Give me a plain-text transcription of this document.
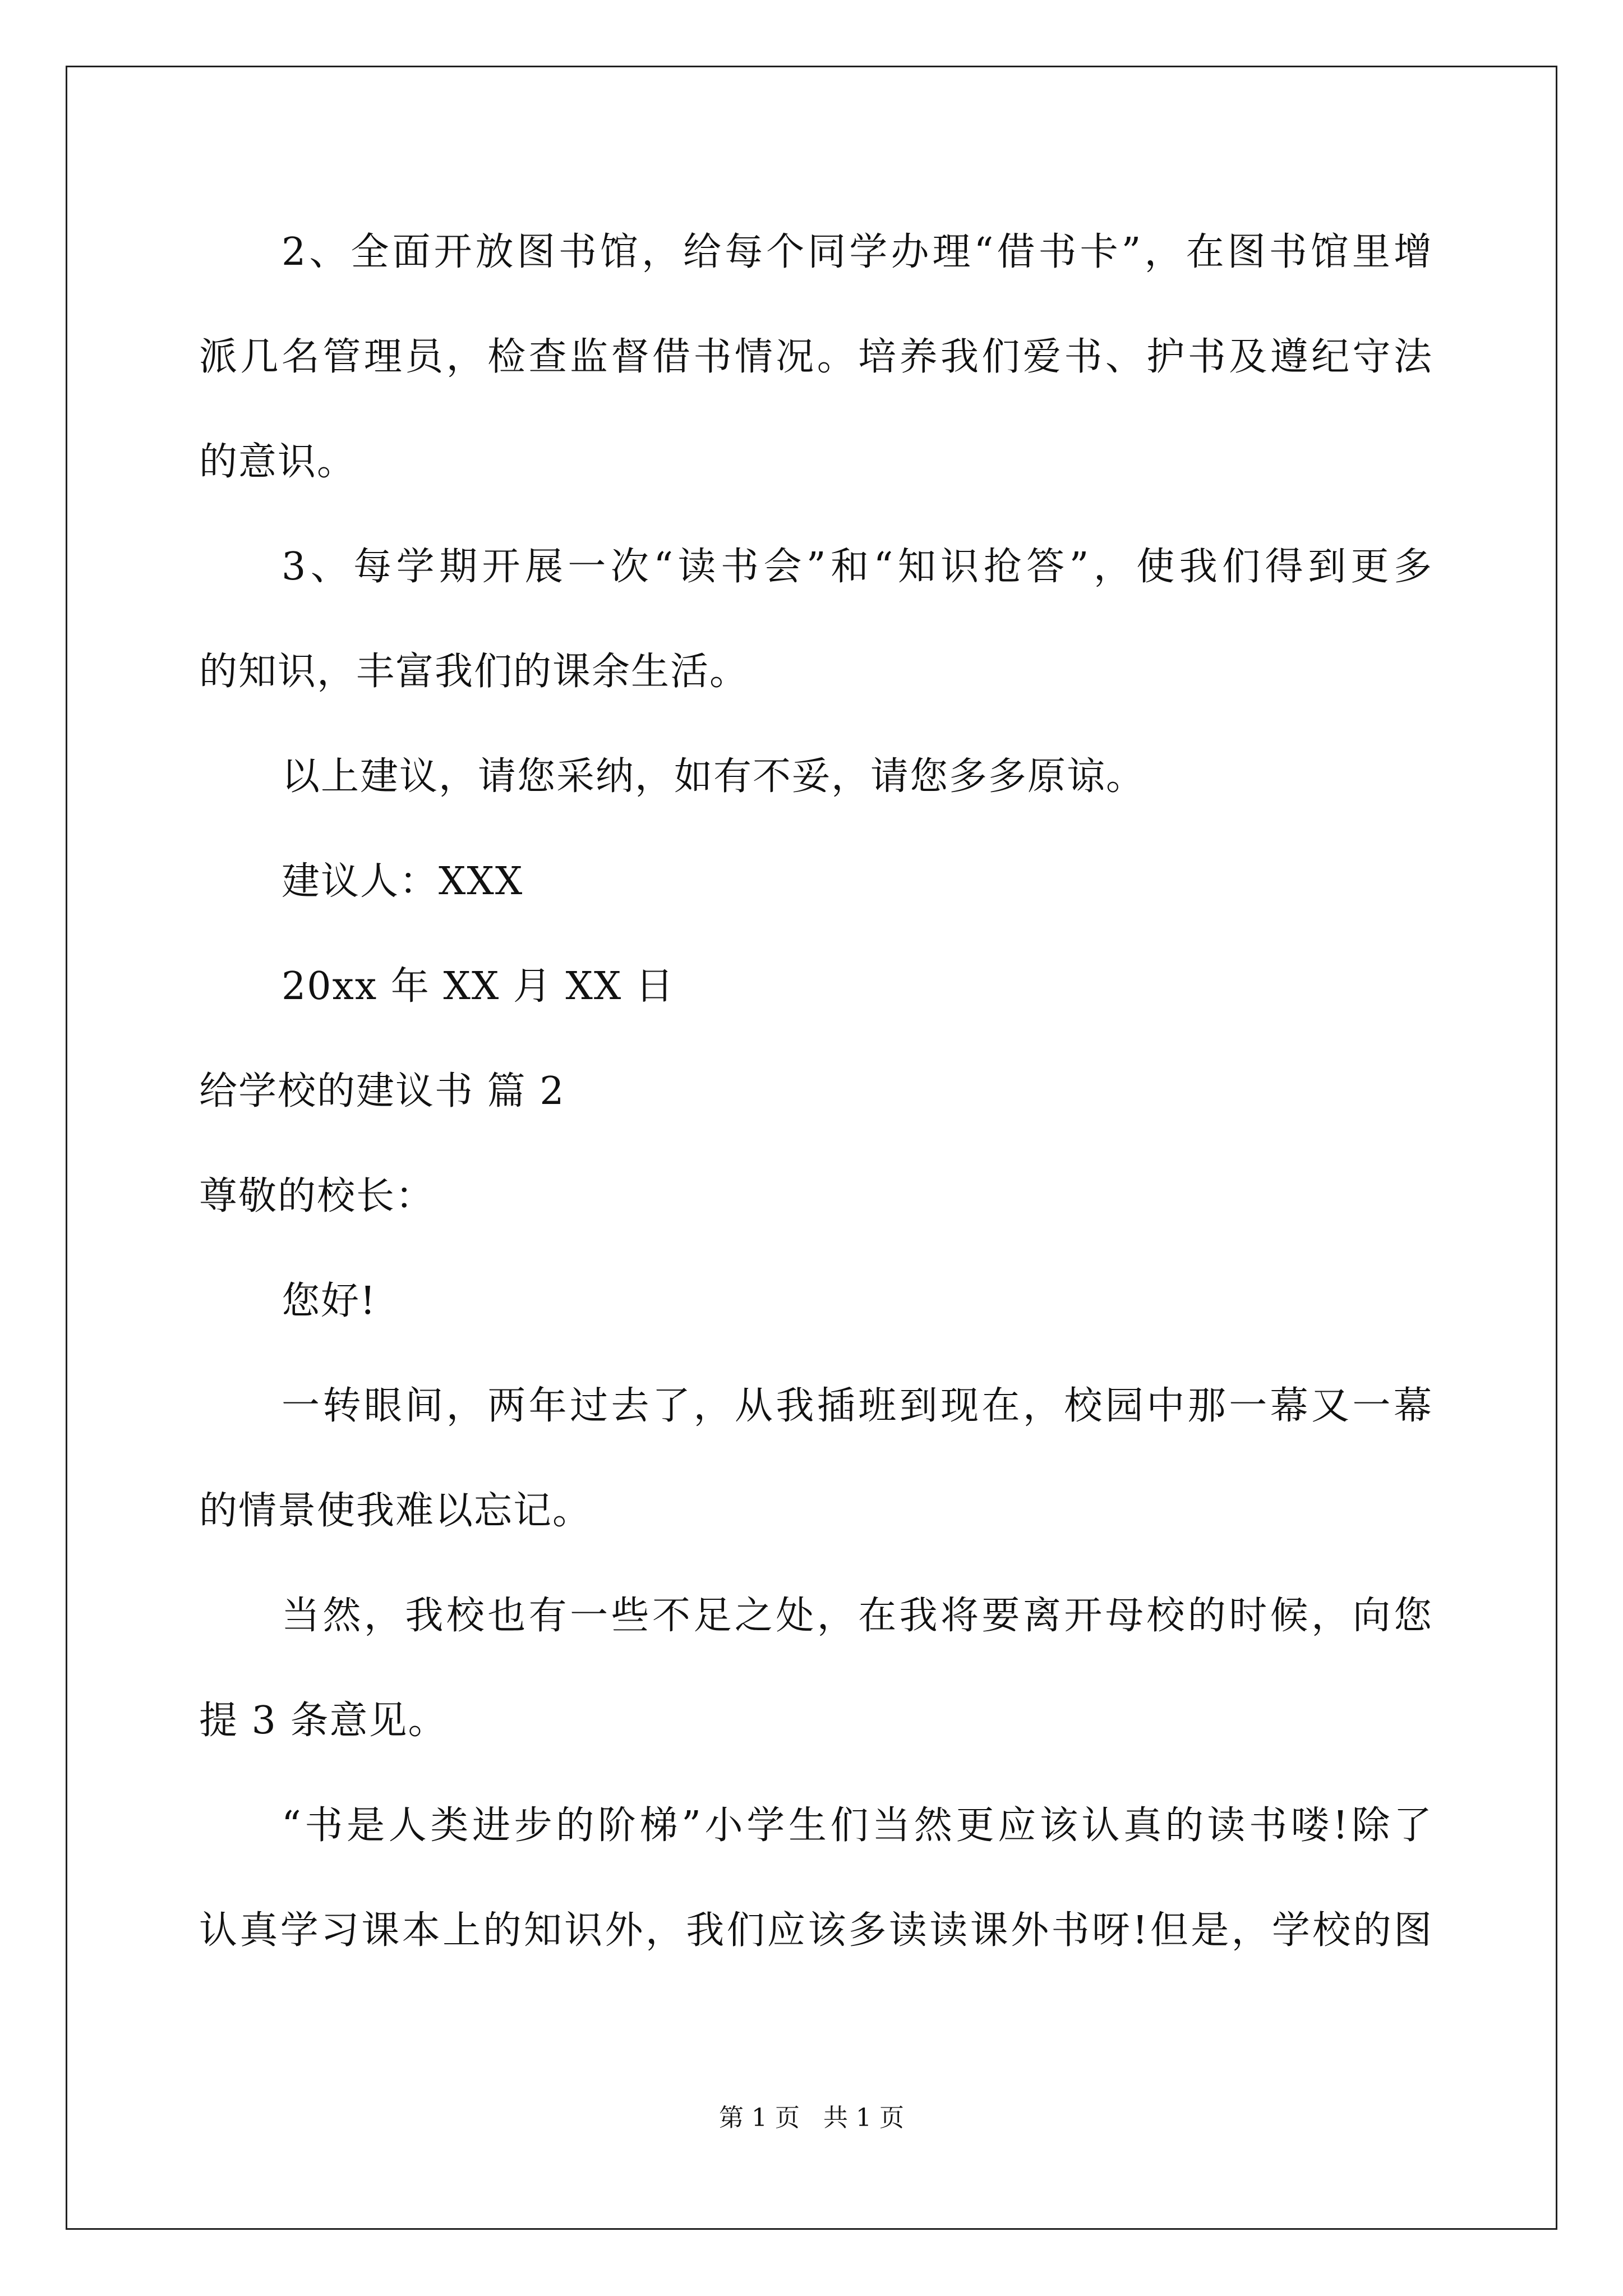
2、全面开放图书馆，给每个同学办理“借书卡”，在图书馆里增
派几名管理员，检查监督借书情况。培养我们爱书、护书及遵纪守法
的意识。
3、每学期开展一次“读书会”和“知识抢答”，使我们得到更多
的知识，丰富我们的课余生活。
以上建议，请您采纳，如有不妥，请您多多原谅。
建议人：XXX
20xx 年 XX 月 XX 日
给学校的建议书 篇 2
尊敬的校长：
您好!
一转眼间，两年过去了，从我插班到现在，校园中那一幕又一幕
的情景使我难以忘记。
当然，我校也有一些不足之处，在我将要离开母校的时候，向您
提 3 条意见。
“书是人类进步的阶梯”小学生们当然更应该认真的读书喽!除了
认真学习课本上的知识外，我们应该多读读课外书呀!但是，学校的图
第 1 页 共 1 页
